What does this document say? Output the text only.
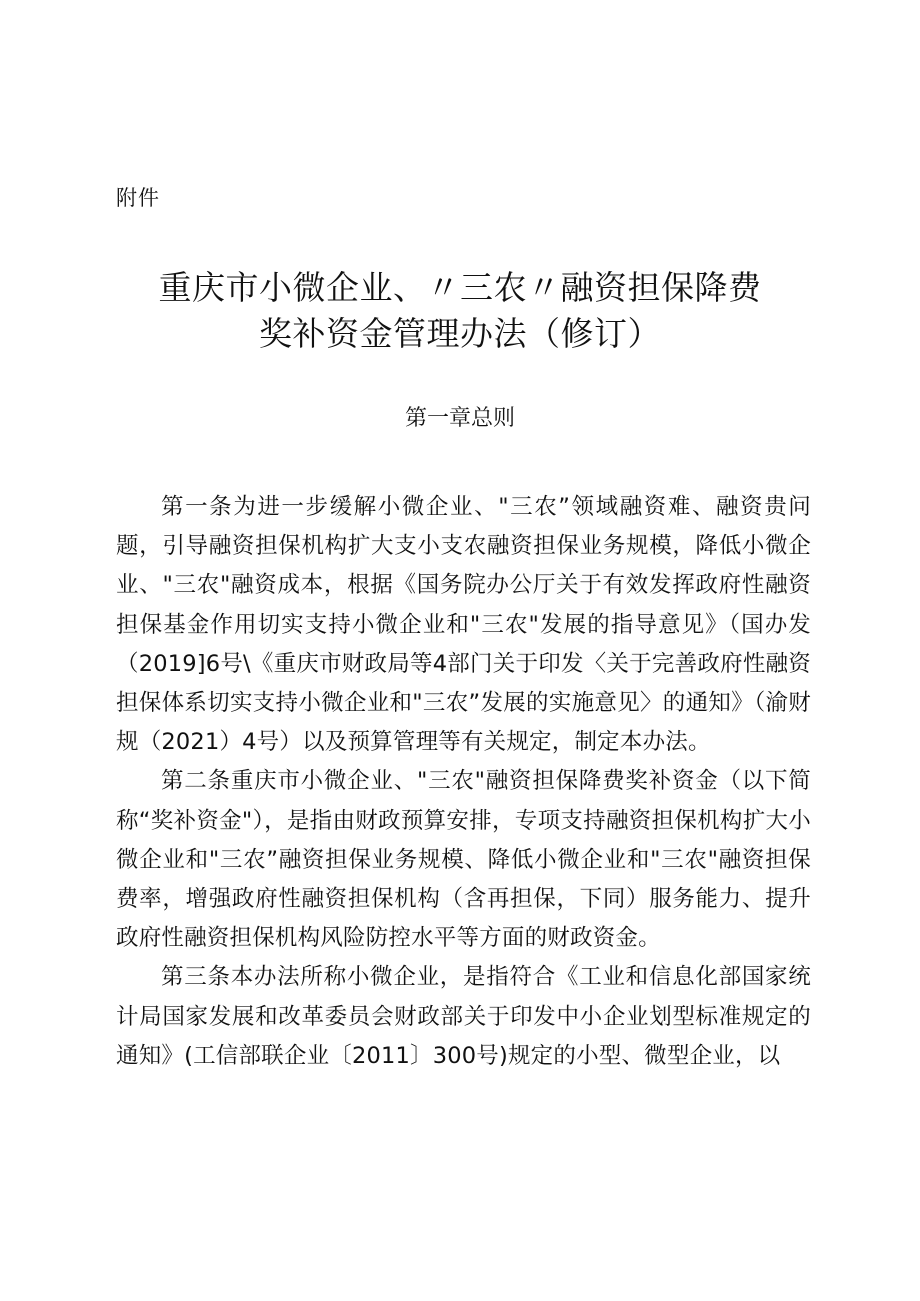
附件
重庆市小微企业、〃三农〃融资担保降费
奖补资金管理办法（修订）
第一章总则

第一条为进一步缓解小微企业、"三农”领域融资难、融资贵问题，引导融资担保机构扩大支小支农融资担保业务规模，降低小微企业、"三农"融资成本，根据《国务院办公厅关于有效发挥政府性融资担保基金作用切实支持小微企业和"三农"发展的指导意见》（国办发（2019]6号\《重庆市财政局等4部门关于印发〈关于完善政府性融资担保体系切实支持小微企业和"三农”发展的实施意见〉的通知》（渝财规（2021）4号）以及预算管理等有关规定，制定本办法。

第二条重庆市小微企业、"三农"融资担保降费奖补资金（以下简称“奖补资金"），是指由财政预算安排，专项支持融资担保机构扩大小微企业和"三农”融资担保业务规模、降低小微企业和"三农"融资担保费率，增强政府性融资担保机构（含再担保，下同）服务能力、提升政府性融资担保机构风险防控水平等方面的财政资金。

第三条本办法所称小微企业，是指符合《工业和信息化部国家统计局国家发展和改革委员会财政部关于印发中小企业划型标准规定的通知》(工信部联企业〔2011〕300号)规定的小型、微型企业，以
